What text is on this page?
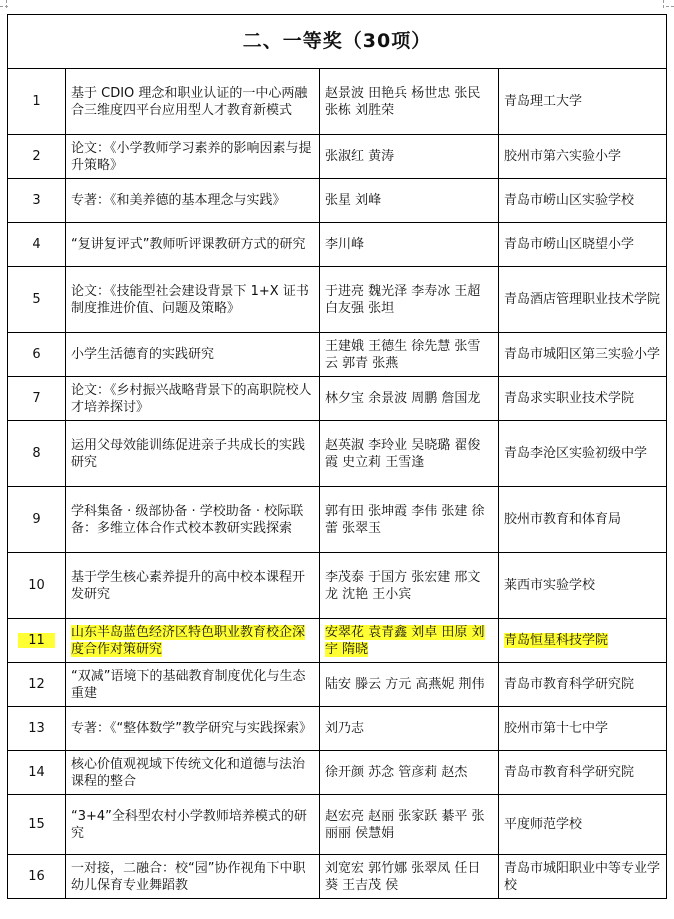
二、一等奖（30项）			
1	基于 CDIO 理念和职业认证的一中心两融合三维度四平台应用型人才教育新模式	赵景波 田艳兵 杨世忠 张民 张栋 刘胜荣	青岛理工大学
2	论文：《小学教师学习素养的影响因素与提升策略》	张淑红 黄涛	胶州市第六实验小学
3	专著：《和美养德的基本理念与实践》	张星 刘峰	青岛市崂山区实验学校
4	“复讲复评式”教师听评课教研方式的研究	李川峰	青岛市崂山区晓望小学
5	论文：《技能型社会建设背景下 1+X 证书制度推进价值、问题及策略》	于进亮 魏光泽 李寿冰 王超 白友强 张坦	青岛酒店管理职业技术学院
6	小学生活德育的实践研究	王建娥 王德生 徐先慧 张雪云 郭青 张燕	青岛市城阳区第三实验小学
7	论文：《乡村振兴战略背景下的高职院校人才培养探讨》	林夕宝 余景波 周鹏 詹国龙	青岛求实职业技术学院
8	运用父母效能训练促进亲子共成长的实践研究	赵英淑 李玲业 吴晓璐 翟俊霞 史立莉 王雪逢	青岛李沧区实验初级中学
9	学科集备 · 级部协备 · 学校助备 · 校际联备：多维立体合作式校本教研实践探索	郭有田 张坤霞 李伟 张建 徐蕾 张翠玉	胶州市教育和体育局
10	基于学生核心素养提升的高中校本课程开发研究	李茂泰 于国方 张宏建 邢文龙 沈艳 王小宾	莱西市实验学校
11	山东半岛蓝色经济区特色职业教育校企深度合作对策研究	安翠花 袁青鑫 刘卓 田原 刘宇 隋晓	青岛恒星科技学院
12	“双减”语境下的基础教育制度优化与生态重建	陆安 滕云 方元 高燕妮 荆伟	青岛市教育科学研究院
13	专著：《“整体数学”教学研究与实践探索》	刘乃志	胶州市第十七中学
14	核心价值观视域下传统文化和道德与法治课程的整合	徐开颜 苏念 管彦莉 赵杰	青岛市教育科学研究院
15	“3+4”全科型农村小学教师培养模式的研究	赵宏亮 赵丽 张家跃 綦平 张丽丽 侯慧娟	平度师范学校
16	一对接，二融合：校“园”协作视角下中职幼儿保育专业舞蹈教	刘宽宏 郭竹娜 张翠凤 任日葵 王吉茂 侯	青岛市城阳职业中等专业学校
